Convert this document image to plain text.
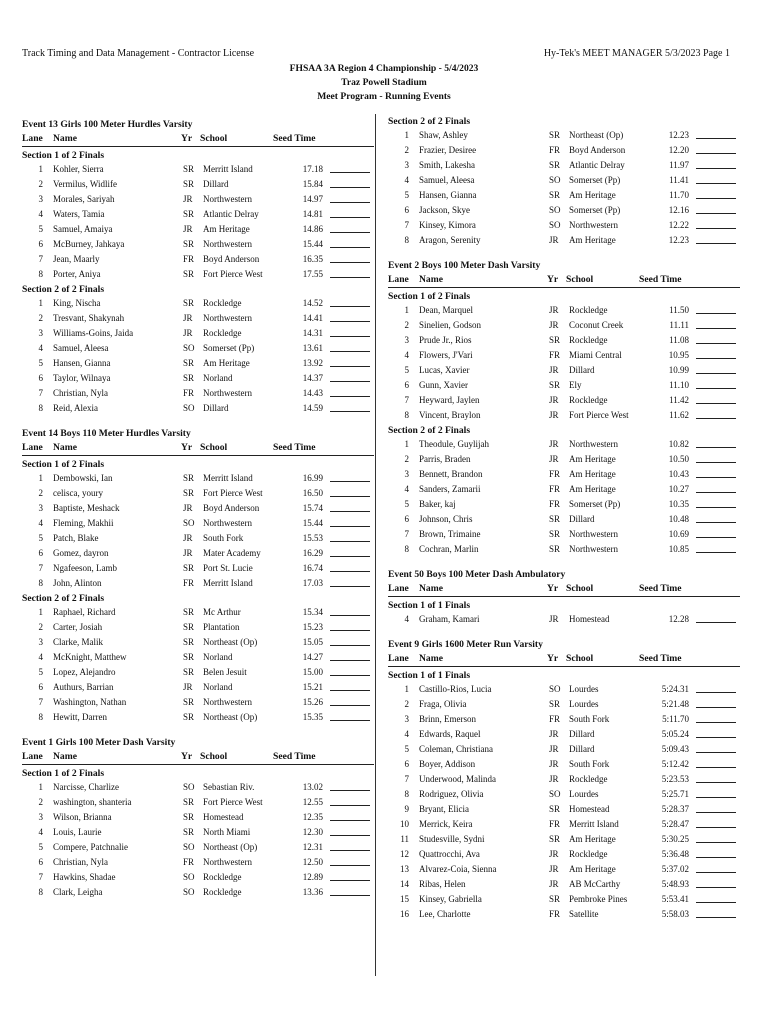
Track Timing and Data Management - Contractor License	Hy-Tek's MEET MANAGER 5/3/2023 Page 1
FHSAA 3A Region 4 Championship - 5/4/2023
Traz Powell Stadium
Meet Program - Running Events
Event 13 Girls 100 Meter Hurdles Varsity
Lane Name	Yr School	Seed Time
Section 1 of 2 Finals
1 Kohler, Sierra	SR Merritt Island	17.18
2 Vermilus, Widlife	SR Dillard	15.84
3 Morales, Sariyah	JR Northwestern	14.97
4 Waters, Tamia	SR Atlantic Delray	14.81
5 Samuel, Amaiya	JR Am Heritage	14.86
6 McBurney, Jahkaya	SR Northwestern	15.44
7 Jean, Maarly	FR Boyd Anderson	16.35
8 Porter, Aniya	SR Fort Pierce West	17.55
Section 2 of 2 Finals
1 King, Nischa	SR Rockledge	14.52
2 Tresvant, Shakynah	JR Northwestern	14.41
3 Williams-Goins, Jaida	JR Rockledge	14.31
4 Samuel, Aleesa	SO Somerset (Pp)	13.61
5 Hansen, Gianna	SR Am Heritage	13.92
6 Taylor, Wilnaya	SR Norland	14.37
7 Christian, Nyla	FR Northwestern	14.43
8 Reid, Alexia	SO Dillard	14.59
Event 14 Boys 110 Meter Hurdles Varsity
Lane Name	Yr School	Seed Time
Section 1 of 2 Finals
1 Dembowski, Ian	SR Merritt Island	16.99
2 celisca, youry	SR Fort Pierce West	16.50
3 Baptiste, Meshack	JR Boyd Anderson	15.74
4 Fleming, Makhii	SO Northwestern	15.44
5 Patch, Blake	JR South Fork	15.53
6 Gomez, dayron	JR Mater Academy	16.29
7 Ngafeeson, Lamb	SR Port St. Lucie	16.74
8 John, Alinton	FR Merritt Island	17.03
Section 2 of 2 Finals
1 Raphael, Richard	SR Mc Arthur	15.34
2 Carter, Josiah	SR Plantation	15.23
3 Clarke, Malik	SR Northeast (Op)	15.05
4 McKnight, Matthew	SR Norland	14.27
5 Lopez, Alejandro	SR Belen Jesuit	15.00
6 Authurs, Barrian	JR Norland	15.21
7 Washington, Nathan	SR Northwestern	15.26
8 Hewitt, Darren	SR Northeast (Op)	15.35
Event 1 Girls 100 Meter Dash Varsity
Lane Name	Yr School	Seed Time
Section 1 of 2 Finals
1 Narcisse, Charlize	SO Sebastian Riv.	13.02
2 washington, shanteria	SR Fort Pierce West	12.55
3 Wilson, Brianna	SR Homestead	12.35
4 Louis, Laurie	SR North Miami	12.30
5 Compere, Patchnalie	SO Northeast (Op)	12.31
6 Christian, Nyla	FR Northwestern	12.50
7 Hawkins, Shadae	SO Rockledge	12.89
8 Clark, Leigha	SO Rockledge	13.36
Section 2 of 2 Finals
1 Shaw, Ashley	SR Northeast (Op)	12.23
2 Frazier, Desiree	FR Boyd Anderson	12.20
3 Smith, Lakesha	SR Atlantic Delray	11.97
4 Samuel, Aleesa	SO Somerset (Pp)	11.41
5 Hansen, Gianna	SR Am Heritage	11.70
6 Jackson, Skye	SO Somerset (Pp)	12.16
7 Kinsey, Kimora	SO Northwestern	12.22
8 Aragon, Serenity	JR Am Heritage	12.23
Event 2 Boys 100 Meter Dash Varsity
Lane Name	Yr School	Seed Time
Section 1 of 2 Finals
1 Dean, Marquel	JR Rockledge	11.50
2 Sinelien, Godson	JR Coconut Creek	11.11
3 Prude Jr., Rios	SR Rockledge	11.08
4 Flowers, J'Vari	FR Miami Central	10.95
5 Lucas, Xavier	JR Dillard	10.99
6 Gunn, Xavier	SR Ely	11.10
7 Heyward, Jaylen	JR Rockledge	11.42
8 Vincent, Braylon	JR Fort Pierce West	11.62
Section 2 of 2 Finals
1 Theodule, Guylijah	JR Northwestern	10.82
2 Parris, Braden	JR Am Heritage	10.50
3 Bennett, Brandon	FR Am Heritage	10.43
4 Sanders, Zamarii	FR Am Heritage	10.27
5 Baker, kaj	FR Somerset (Pp)	10.35
6 Johnson, Chris	SR Dillard	10.48
7 Brown, Trimaine	SR Northwestern	10.69
8 Cochran, Marlin	SR Northwestern	10.85
Event 50 Boys 100 Meter Dash Ambulatory
Lane Name	Yr School	Seed Time
Section 1 of 1 Finals
4 Graham, Kamari	JR Homestead	12.28
Event 9 Girls 1600 Meter Run Varsity
Lane Name	Yr School	Seed Time
Section 1 of 1 Finals
1 Castillo-Rios, Lucia	SO Lourdes	5:24.31
2 Fraga, Olivia	SR Lourdes	5:21.48
3 Brinn, Emerson	FR South Fork	5:11.70
4 Edwards, Raquel	JR Dillard	5:05.24
5 Coleman, Christiana	JR Dillard	5:09.43
6 Boyer, Addison	JR South Fork	5:12.42
7 Underwood, Malinda	JR Rockledge	5:23.53
8 Rodriguez, Olivia	SO Lourdes	5:25.71
9 Bryant, Elicia	SR Homestead	5:28.37
10 Merrick, Keira	FR Merritt Island	5:28.47
11 Studesville, Sydni	SR Am Heritage	5:30.25
12 Quattrocchi, Ava	JR Rockledge	5:36.48
13 Alvarez-Coia, Sienna	JR Am Heritage	5:37.02
14 Ribas, Helen	JR AB McCarthy	5:48.93
15 Kinsey, Gabriella	SR Pembroke Pines	5:53.41
16 Lee, Charlotte	FR Satellite	5:58.03
